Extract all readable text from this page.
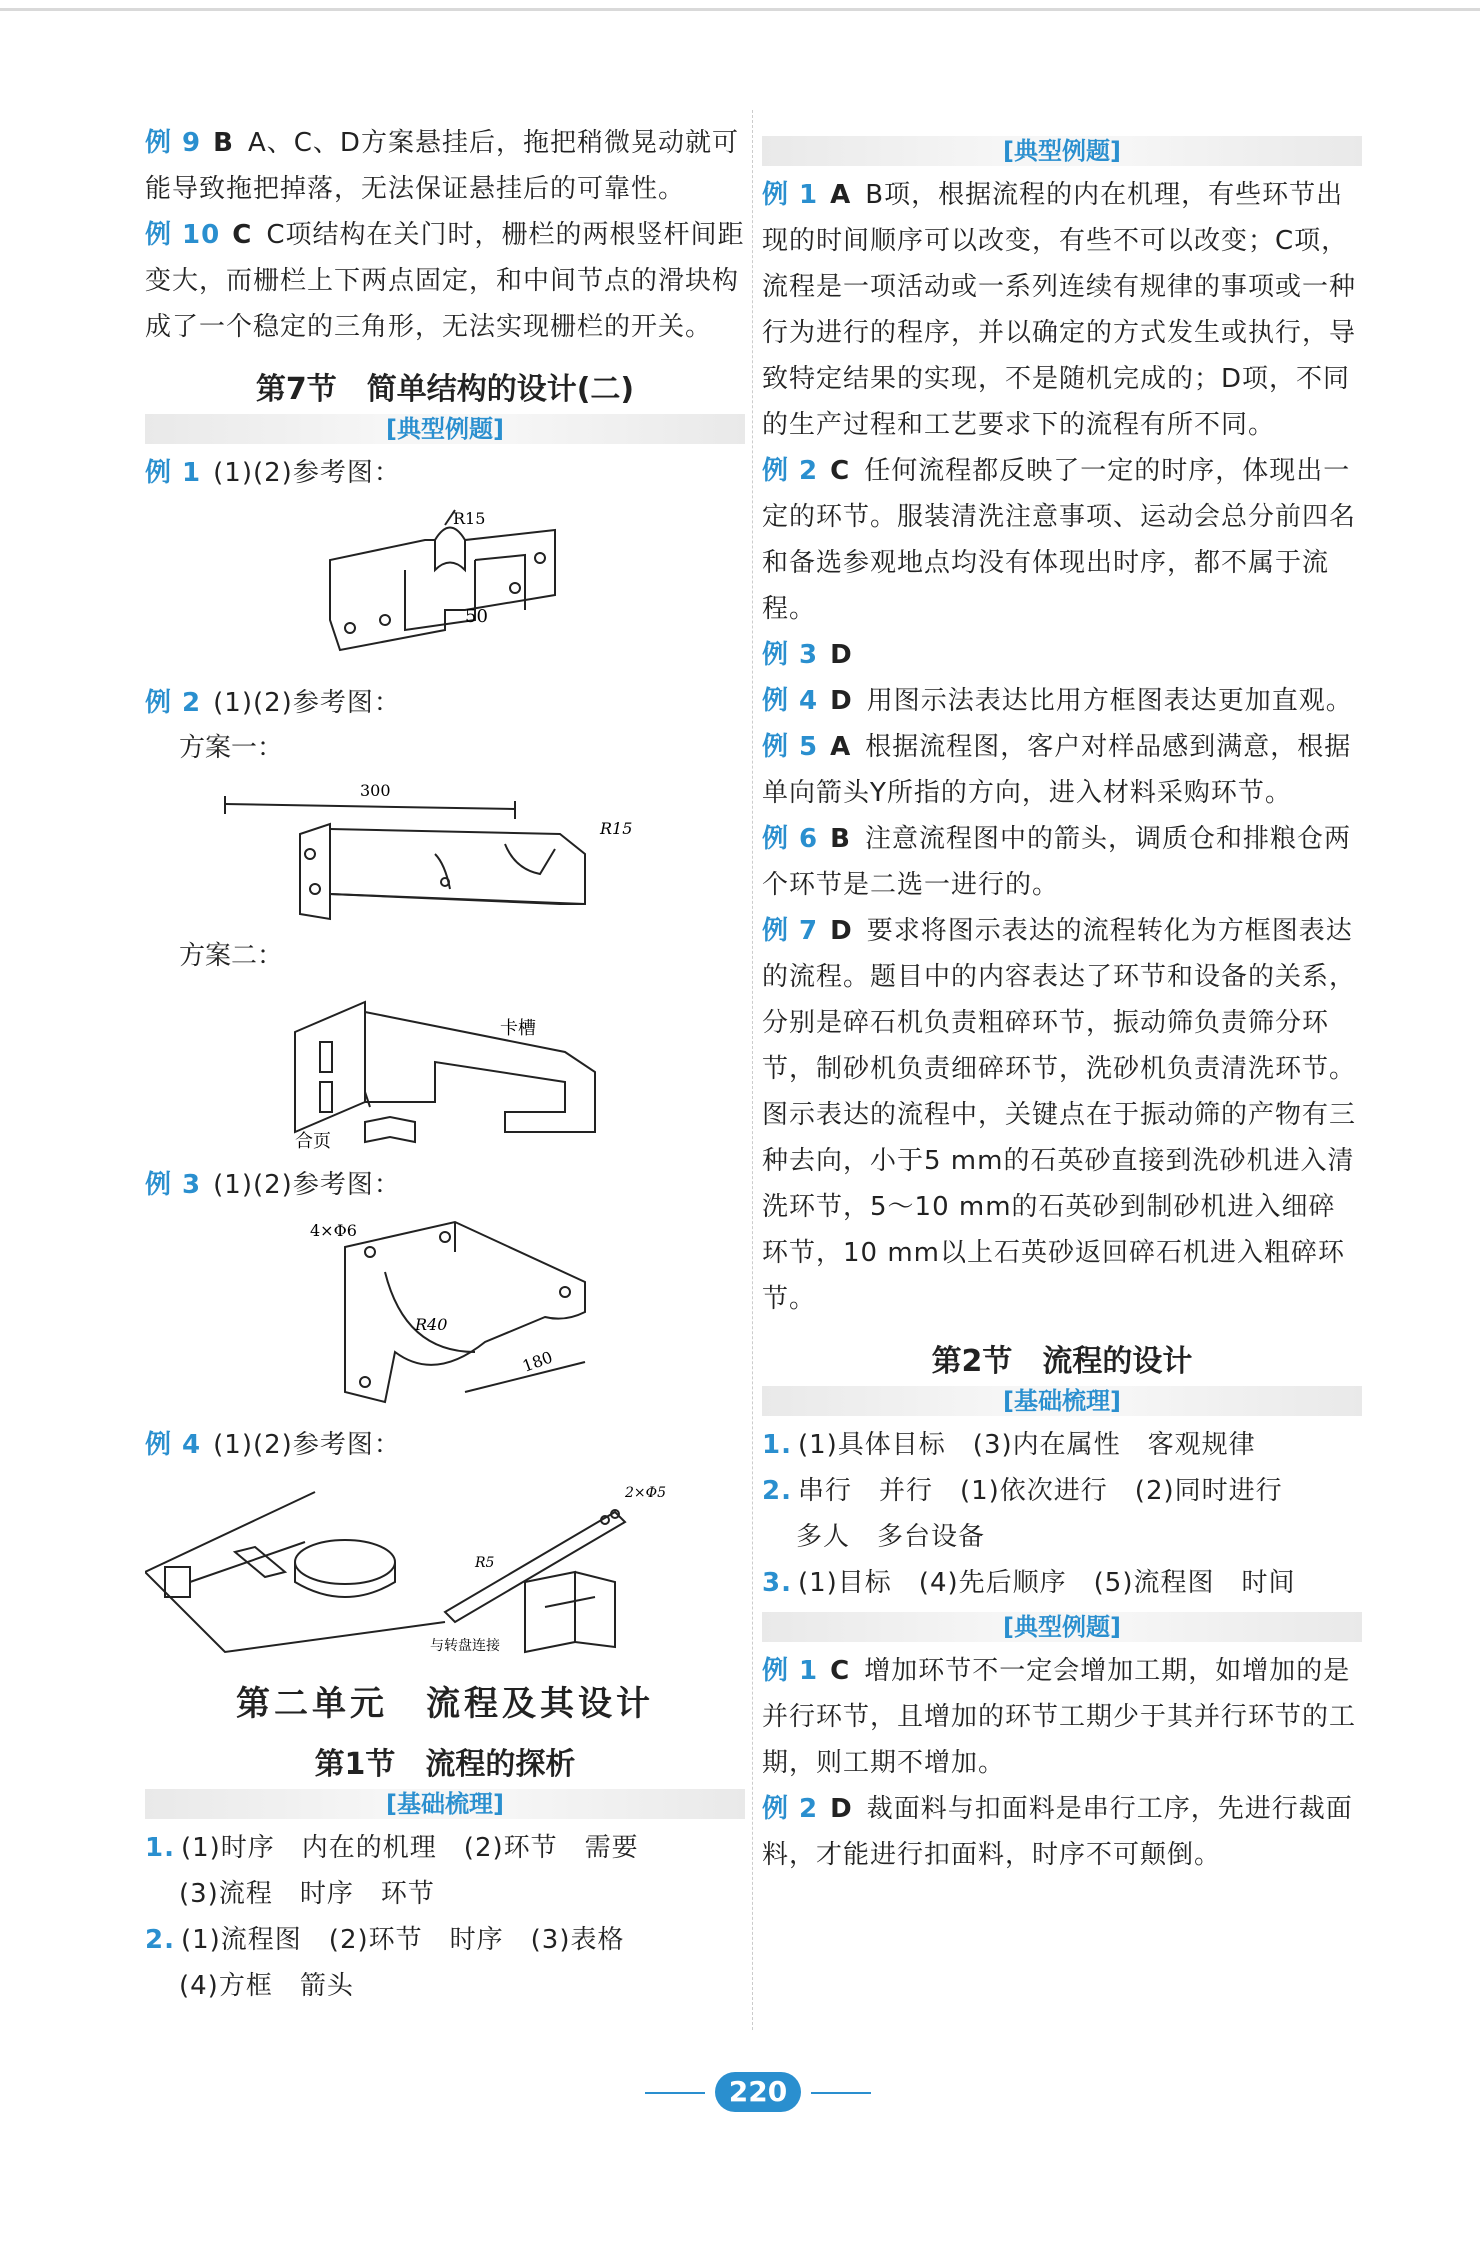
例 9 B A、C、D方案悬挂后，拖把稍微晃动就可能导致拖把掉落，无法保证悬挂后的可靠性。

例 10 C C项结构在关门时，栅栏的两根竖杆间距变大，而栅栏上下两点固定，和中间节点的滑块构成了一个稳定的三角形，无法实现栅栏的开关。

第7节　简单结构的设计(二)
[典型例题]

例 1 (1)(2)参考图：

R15
50

例 2 (1)(2)参考图：

方案一：

300
R15

方案二：

卡槽
合页

例 3 (1)(2)参考图：

4×Φ6
R40
180

例 4 (1)(2)参考图：

2×Φ5
R5
与转盘连接
第二单元　流程及其设计
第1节　流程的探析
[基础梳理]

1. (1)时序　内在的机理　(2)环节　需要

(3)流程　时序　环节

2. (1)流程图　(2)环节　时序　(3)表格

(4)方框　箭头

[典型例题]

例 1 A B项，根据流程的内在机理，有些环节出现的时间顺序可以改变，有些不可以改变；C项，流程是一项活动或一系列连续有规律的事项或一种行为进行的程序，并以确定的方式发生或执行，导致特定结果的实现，不是随机完成的；D项，不同的生产过程和工艺要求下的流程有所不同。

例 2 C 任何流程都反映了一定的时序，体现出一定的环节。服装清洗注意事项、运动会总分前四名和备选参观地点均没有体现出时序，都不属于流程。

例 3 D

例 4 D 用图示法表达比用方框图表达更加直观。

例 5 A 根据流程图，客户对样品感到满意，根据单向箭头Y所指的方向，进入材料采购环节。

例 6 B 注意流程图中的箭头，调质仓和排粮仓两个环节是二选一进行的。

例 7 D 要求将图示表达的流程转化为方框图表达的流程。题目中的内容表达了环节和设备的关系，分别是碎石机负责粗碎环节，振动筛负责筛分环节，制砂机负责细碎环节，洗砂机负责清洗环节。图示表达的流程中，关键点在于振动筛的产物有三种去向，小于5 mm的石英砂直接到洗砂机进入清洗环节，5～10 mm的石英砂到制砂机进入细碎环节，10 mm以上石英砂返回碎石机进入粗碎环节。

第2节　流程的设计
[基础梳理]

1. (1)具体目标　(3)内在属性　客观规律

2. 串行　并行　(1)依次进行　(2)同时进行

多人　多台设备

3. (1)目标　(4)先后顺序　(5)流程图　时间

[典型例题]

例 1 C 增加环节不一定会增加工期，如增加的是并行环节，且增加的环节工期少于其并行环节的工期，则工期不增加。

例 2 D 裁面料与扣面料是串行工序，先进行裁面料，才能进行扣面料，时序不可颠倒。

220
